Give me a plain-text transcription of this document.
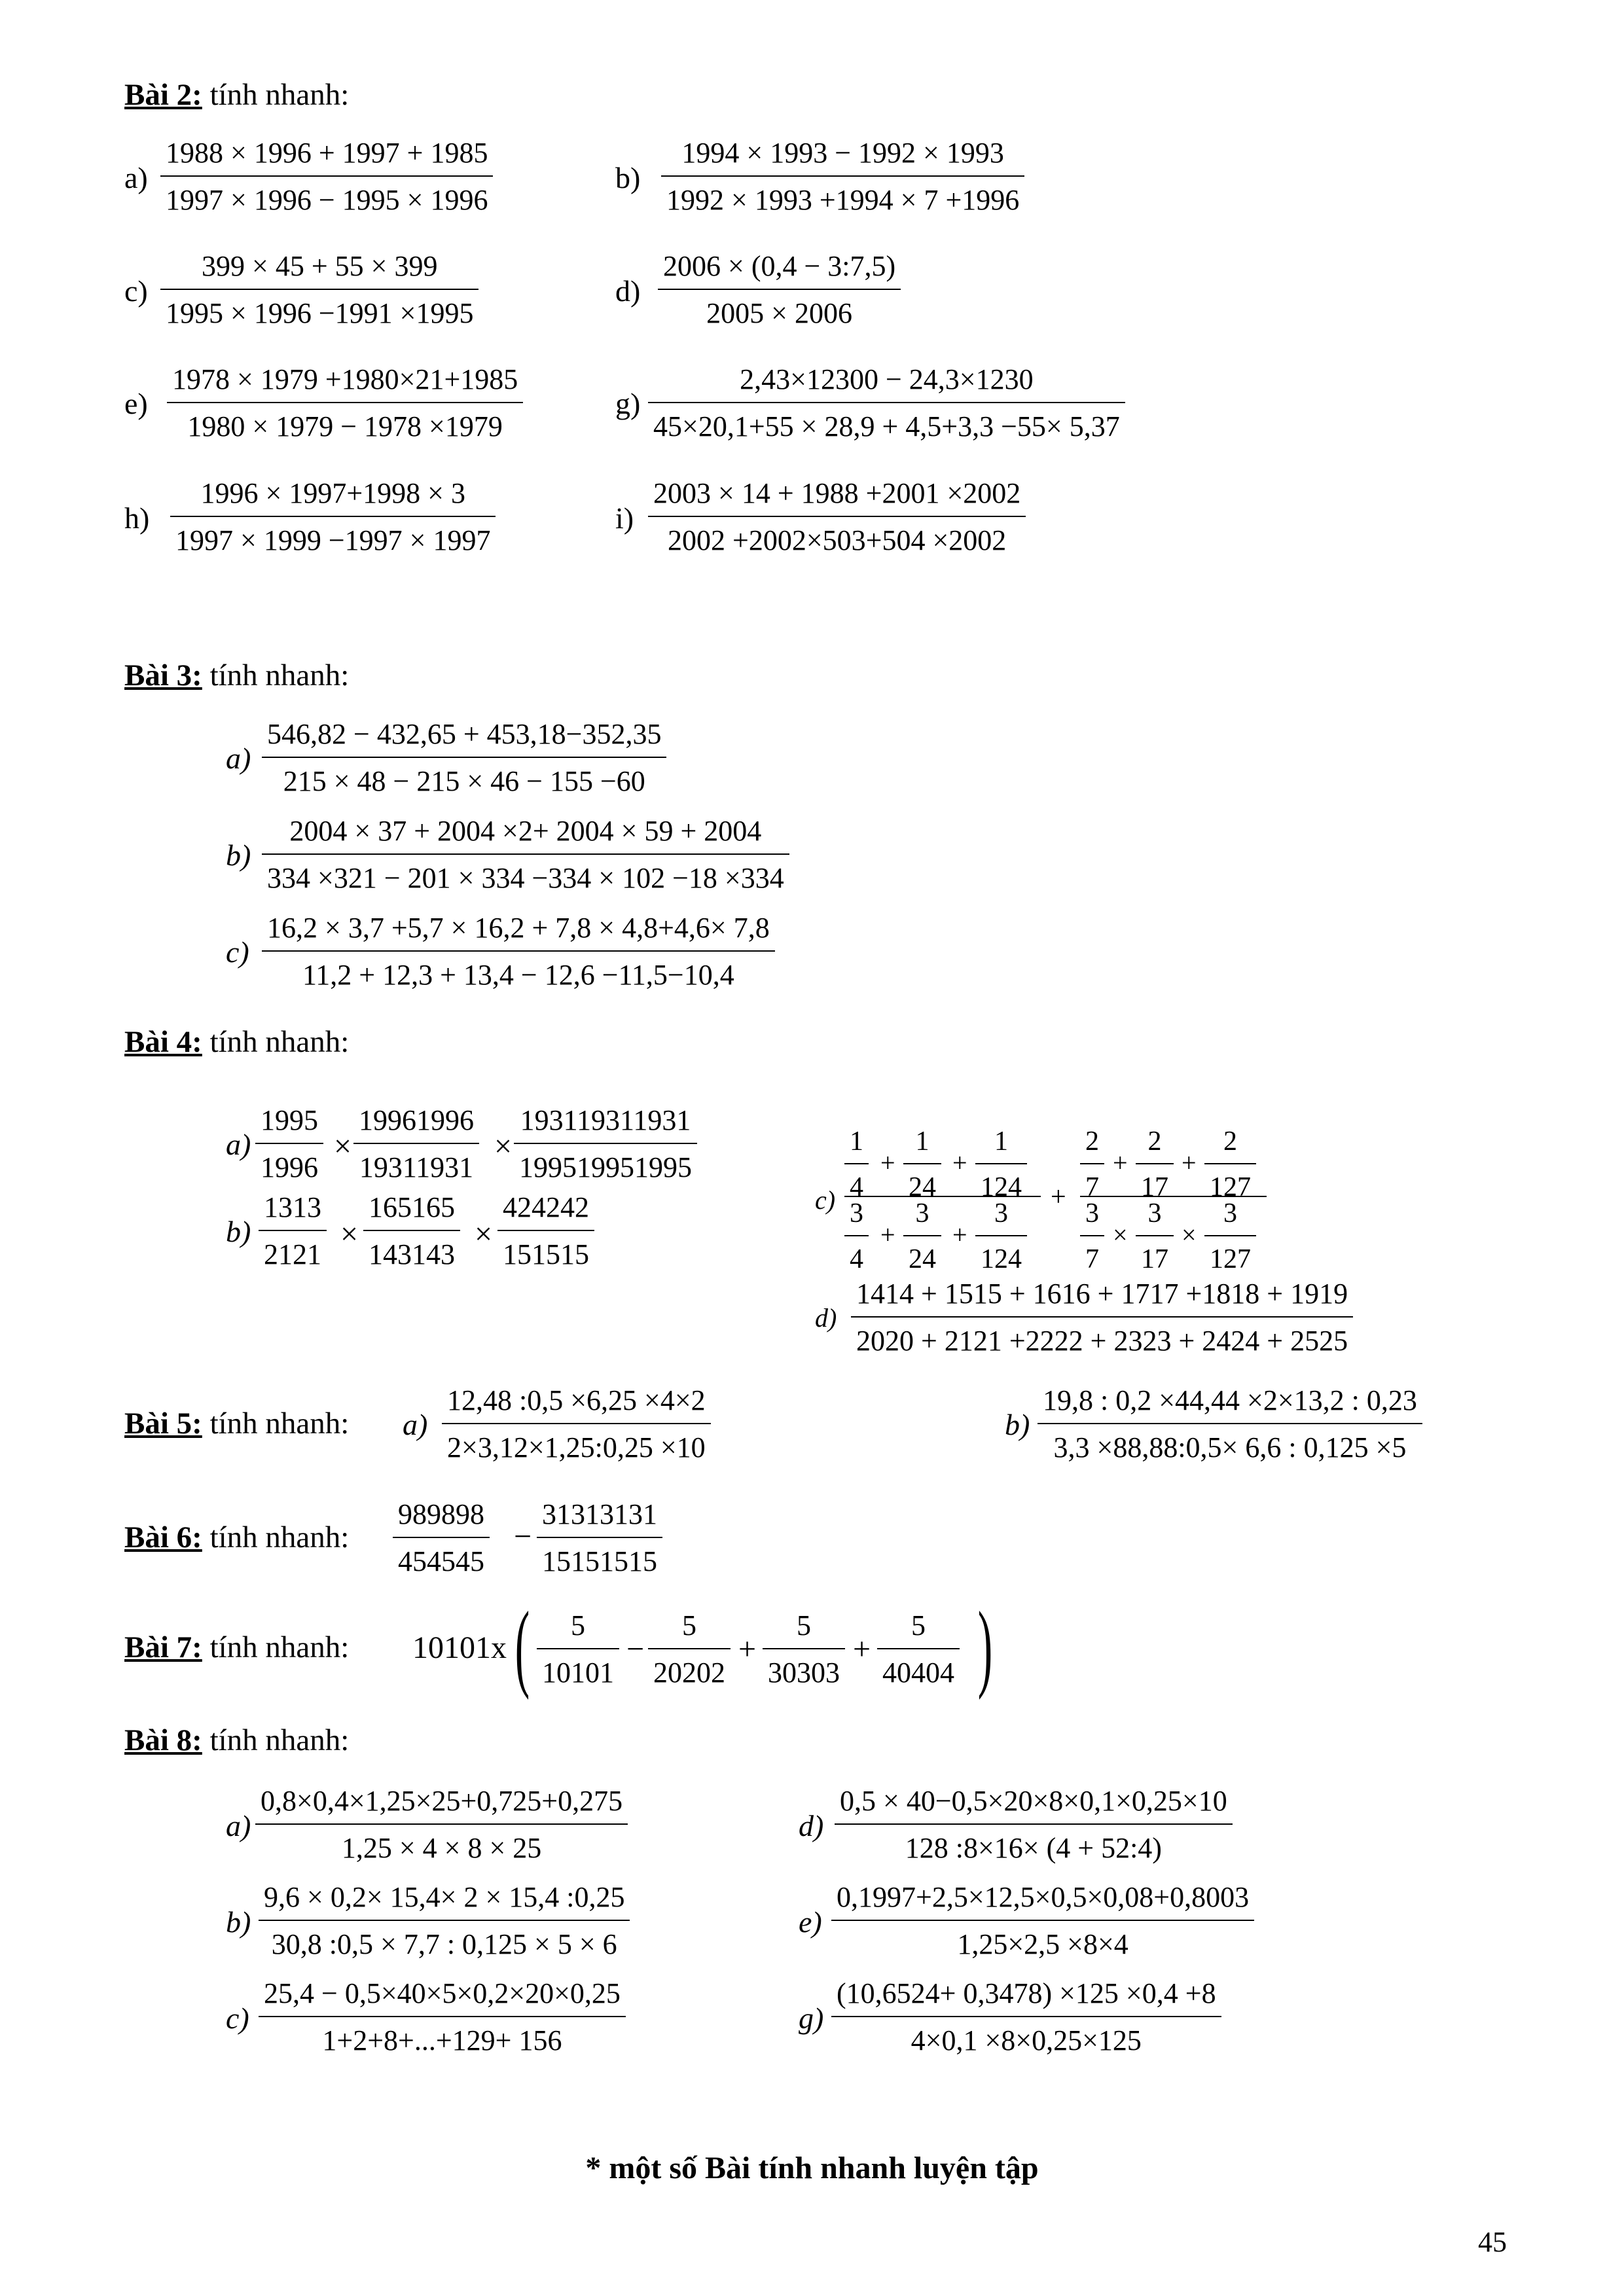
Bài 2: tính nhanh:
a)
1988 × 1996 + 1997 + 1985
1997 × 1996 − 1995 × 1996
b)
1994 × 1993 − 1992 × 1993
1992 × 1993 +1994 × 7 +1996
c)
399 × 45 + 55 × 399
1995 × 1996 −1991 ×1995
d)
2006 × (0,4 − 3:7,5)
2005 × 2006
e)
1978 × 1979 +1980×21+1985
1980 × 1979 − 1978 ×1979
g)
2,43×12300 − 24,3×1230
45×20,1+55 × 28,9 + 4,5+3,3 −55× 5,37
h)
1996 × 1997+1998 × 3
1997 × 1999 −1997 × 1997
i)
2003 × 14 + 1988 +2001 ×2002
2002 +2002×503+504 ×2002
Bài 3: tính nhanh:
a)
546,82 − 432,65 + 453,18−352,35
215 × 48 − 215 × 46 − 155 −60
b)
2004 × 37 + 2004 ×2+ 2004 × 59 + 2004
334 ×321 − 201 × 334 −334 × 102 −18 ×334
c)
16,2 × 3,7 +5,7 × 16,2 + 7,8 × 4,8+4,6× 7,8
11,2 + 12,3 + 13,4 − 12,6 −11,5−10,4
Bài 4: tính nhanh:
a)
1995
1996
×
19961996
19311931
×
193119311931
199519951995
b)
1313
2121
×
165165
143143
×
424242
151515
c)
1
4
+
1
24
+
1
124
3
4
+
3
24
+
3
124
+
2
7
+
2
17
+
2
127
3
7
×
3
17
×
3
127
d)
1414 + 1515 + 1616 + 1717 +1818 + 1919
2020 + 2121 +2222 + 2323 + 2424 + 2525
Bài 5: tính nhanh: a)
12,48 :0,5 ×6,25 ×4×2
2×3,12×1,25:0,25 ×10
b)
19,8 : 0,2 ×44,44 ×2×13,2 : 0,23
3,3 ×88,88:0,5× 6,6 : 0,125 ×5
Bài 6: tính nhanh:
989898
454545
−
31313131
15151515
Bài 7: tính nhanh: 10101x ( 5
10101
−
5
20202
+
5
30303
+
5
40404 )
Bài 8: tính nhanh:
a)
0,8×0,4×1,25×25+0,725+0,275
1,25 × 4 × 8 × 25
b)
9,6 × 0,2× 15,4× 2 × 15,4 :0,25
30,8 :0,5 × 7,7 : 0,125 × 5 × 6
c)
25,4 − 0,5×40×5×0,2×20×0,25
1+2+8+...+129+ 156
d)
0,5 × 40−0,5×20×8×0,1×0,25×10
128 :8×16× (4 + 52:4)
e)
0,1997+2,5×12,5×0,5×0,08+0,8003
1,25×2,5 ×8×4
g)
(10,6524+ 0,3478) ×125 ×0,4 +8
4×0,1 ×8×0,25×125
* một số Bài tính nhanh luyện tập
45
